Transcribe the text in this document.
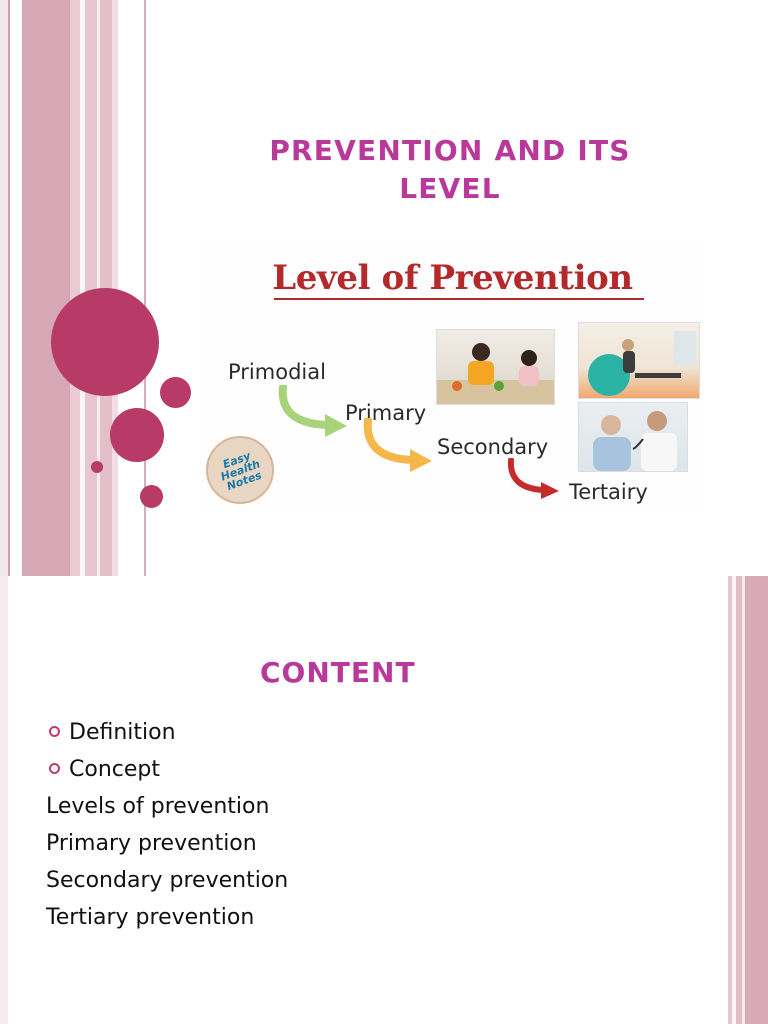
PREVENTION AND ITS
LEVEL
Level of Prevention
Primodial
Primary
Secondary
Tertairy
Easy
Health
Notes
CONTENT
Definition
Concept
Levels of prevention
Primary prevention
Secondary prevention
Tertiary prevention
